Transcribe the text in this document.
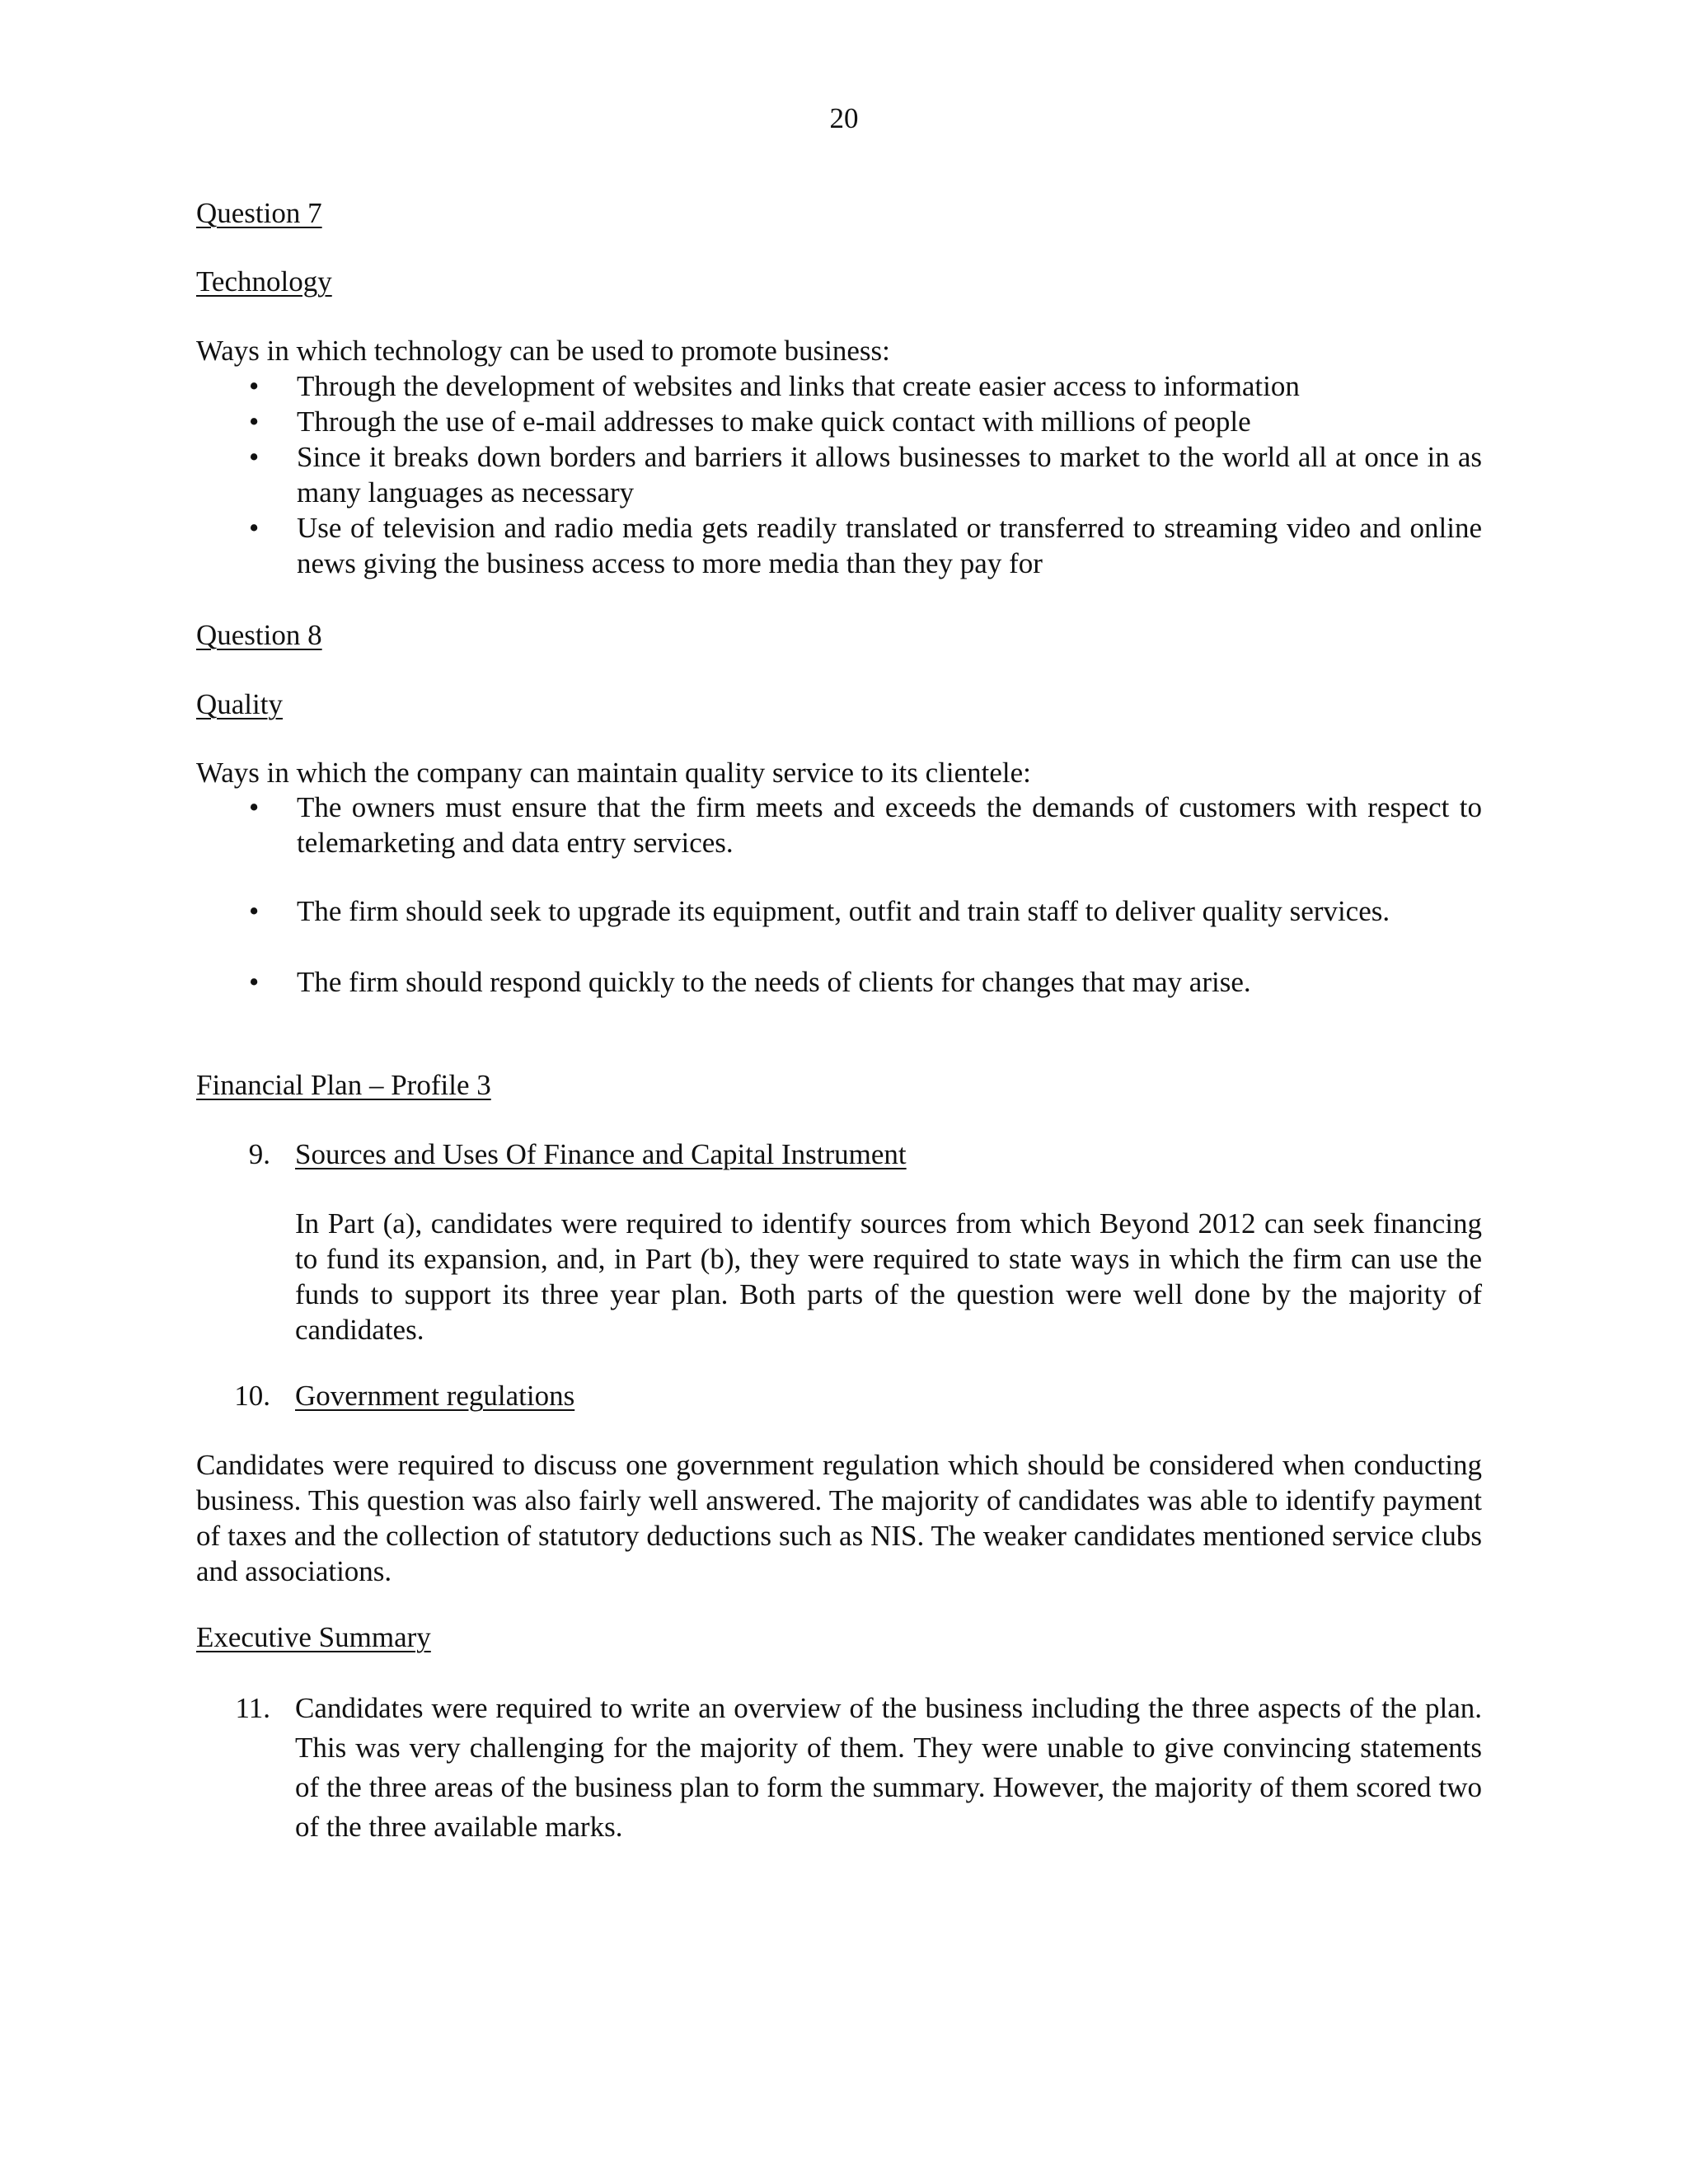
20

Question 7

Technology

Ways in which technology can be used to promote business:

•	Through the development of websites and links that create easier access to information
•	Through the use of e-mail addresses to make quick contact with millions of people
•	Since it breaks down borders and barriers it allows businesses to market to the world all at once in as many languages as necessary
•	Use of television and radio media gets readily translated or transferred to streaming video and online news giving the business access to more media than they pay for

Question 8

Quality

Ways in which the company can maintain quality service to its clientele:

•	The owners must ensure that the firm meets and exceeds the demands of customers with respect to telemarketing and data entry services.
•	The firm should seek to upgrade its equipment, outfit and train staff to deliver quality services.
•	The firm should respond quickly to the needs of clients for changes that may arise.

Financial Plan – Profile 3

9. Sources and Uses Of Finance and Capital Instrument

In Part (a), candidates were required to identify sources from which Beyond 2012 can seek financing to fund its expansion, and, in Part (b), they were required to state ways in which the firm can use the funds to support its three year plan. Both parts of the question were well done by the majority of candidates.

10. Government regulations

Candidates were required to discuss one government regulation which should be considered when conducting business. This question was also fairly well answered. The majority of candidates was able to identify payment of taxes and the collection of statutory deductions such as NIS. The weaker candidates mentioned service clubs and associations.

Executive Summary

11. Candidates were required to write an overview of the business including the three aspects of the plan. This was very challenging for the majority of them. They were unable to give convincing statements of the three areas of the business plan to form the summary. However, the majority of them scored two of the three available marks.
